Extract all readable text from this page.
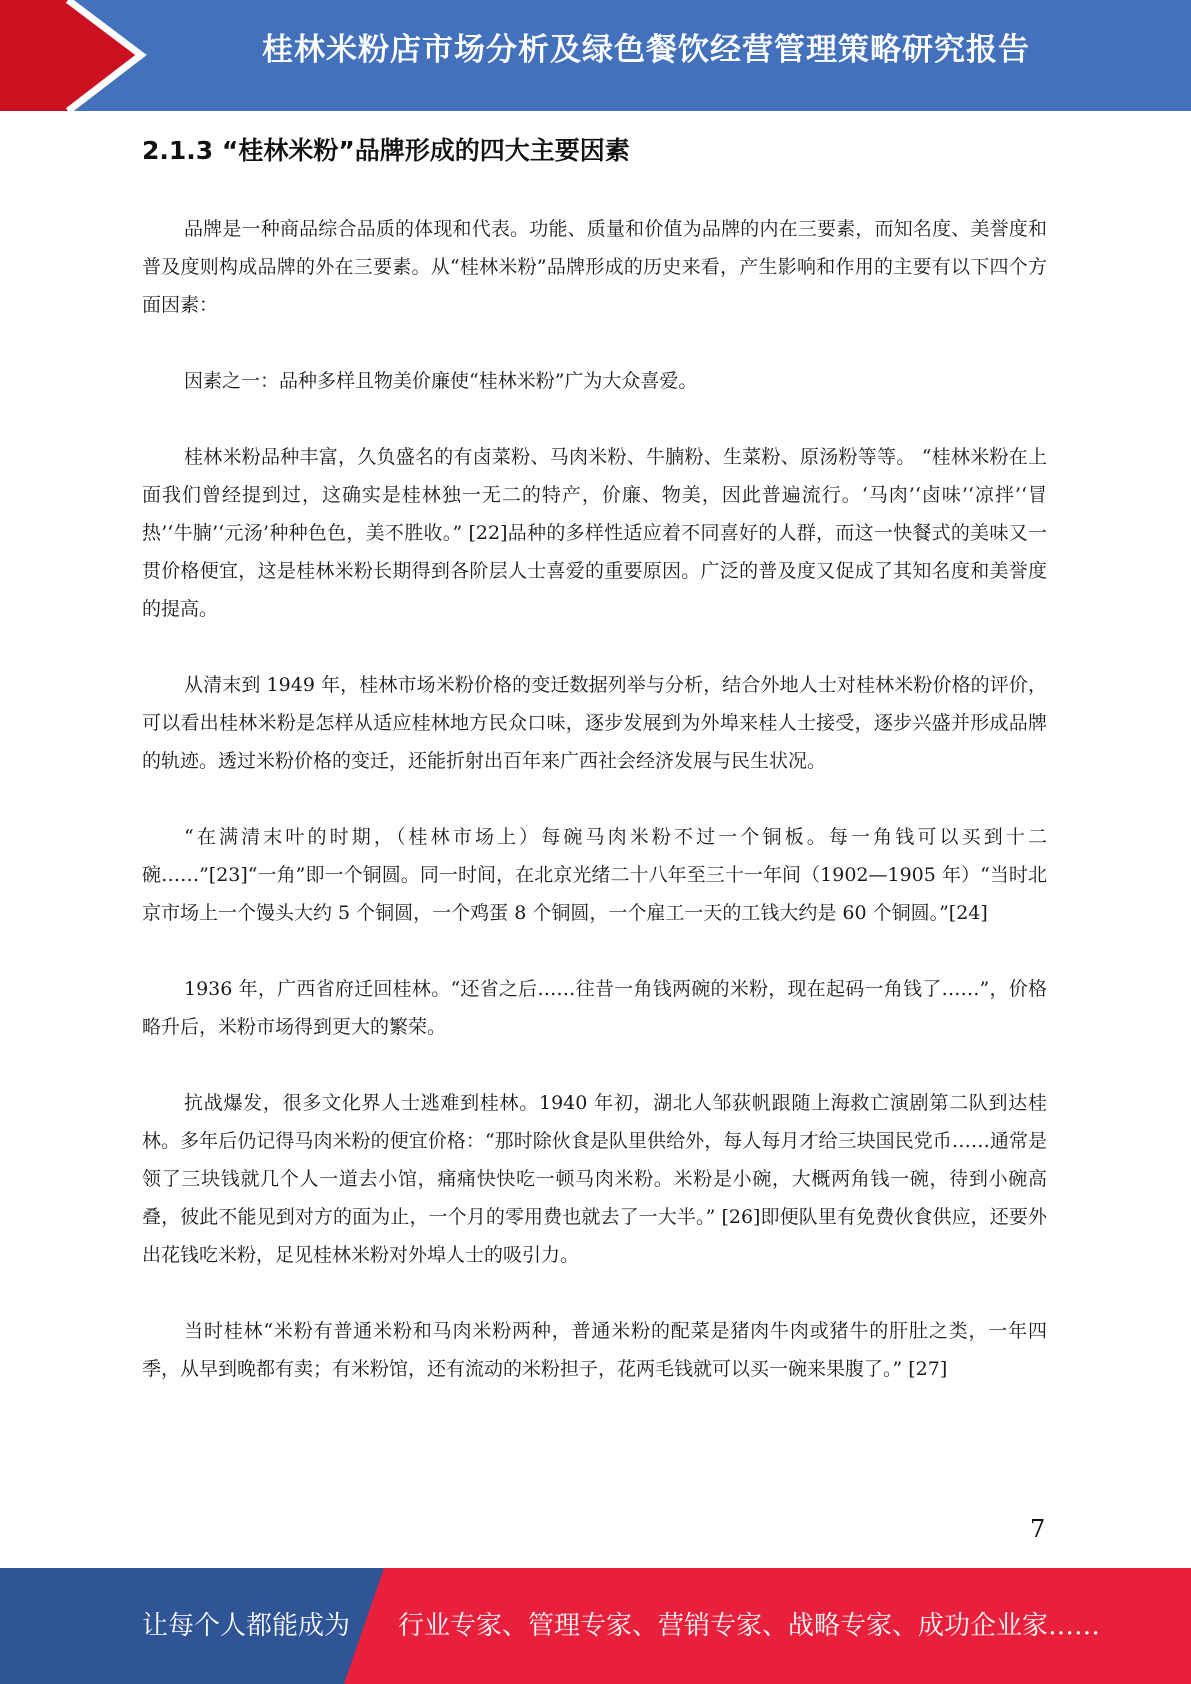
桂林米粉店市场分析及绿色餐饮经营管理策略研究报告
2.1.3 “桂林米粉”品牌形成的四大主要因素

品牌是一种商品综合品质的体现和代表。功能、质量和价值为品牌的内在三要素，而知名度、美誉度和普及度则构成品牌的外在三要素。从“桂林米粉”品牌形成的历史来看，产生影响和作用的主要有以下四个方面因素：

因素之一：品种多样且物美价廉使“桂林米粉”广为大众喜爱。

桂林米粉品种丰富，久负盛名的有卤菜粉、马肉米粉、牛腩粉、生菜粉、原汤粉等等。 “桂林米粉在上面我们曾经提到过，这确实是桂林独一无二的特产，价廉、物美，因此普遍流行。‘马肉’‘卤味’‘凉拌’‘冒热’‘牛腩’‘元汤’种种色色，美不胜收。” [22]品种的多样性适应着不同喜好的人群，而这一快餐式的美味又一贯价格便宜，这是桂林米粉长期得到各阶层人士喜爱的重要原因。广泛的普及度又促成了其知名度和美誉度的提高。

从清末到 1949 年，桂林市场米粉价格的变迁数据列举与分析，结合外地人士对桂林米粉价格的评价，可以看出桂林米粉是怎样从适应桂林地方民众口味，逐步发展到为外埠来桂人士接受，逐步兴盛并形成品牌的轨迹。透过米粉价格的变迁，还能折射出百年来广西社会经济发展与民生状况。

“在满清末叶的时期，（桂林市场上）每碗马肉米粉不过一个铜板。每一角钱可以买到十二碗……”[23]“一角”即一个铜圆。同一时间，在北京光绪二十八年至三十一年间（1902—1905 年）“当时北京市场上一个馒头大约 5 个铜圆，一个鸡蛋 8 个铜圆，一个雇工一天的工钱大约是 60 个铜圆。”[24]

1936 年，广西省府迁回桂林。“还省之后……往昔一角钱两碗的米粉，现在起码一角钱了……”，价格略升后，米粉市场得到更大的繁荣。

抗战爆发，很多文化界人士逃难到桂林。1940 年初，湖北人邹荻帆跟随上海救亡演剧第二队到达桂林。多年后仍记得马肉米粉的便宜价格：“那时除伙食是队里供给外，每人每月才给三块国民党币……通常是领了三块钱就几个人一道去小馆，痛痛快快吃一顿马肉米粉。米粉是小碗，大概两角钱一碗，待到小碗高叠，彼此不能见到对方的面为止，一个月的零用费也就去了一大半。” [26]即便队里有免费伙食供应，还要外出花钱吃米粉，足见桂林米粉对外埠人士的吸引力。

当时桂林“米粉有普通米粉和马肉米粉两种，普通米粉的配菜是猪肉牛肉或猪牛的肝肚之类，一年四季，从早到晚都有卖；有米粉馆，还有流动的米粉担子，花两毛钱就可以买一碗来果腹了。” [27]

7
让每个人都能成为 行业专家、管理专家、营销专家、战略专家、成功企业家……
